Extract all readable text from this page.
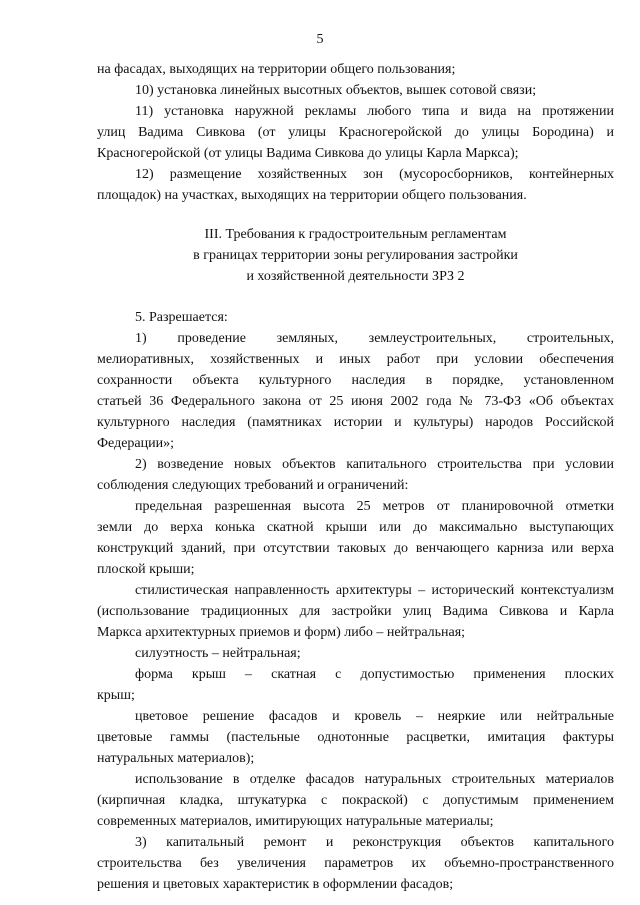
5
на фасадах, выходящих на территории общего пользования;
10) установка линейных высотных объектов, вышек сотовой связи;
11) установка наружной рекламы любого типа и вида на протяжении
улиц Вадима Сивкова (от улицы Красногеройской до улицы Бородина) и
Красногеройской (от улицы Вадима Сивкова до улицы Карла Маркса);
12) размещение хозяйственных зон (мусоросборников, контейнерных
площадок) на участках, выходящих на территории общего пользования.
III. Требования к градостроительным регламентам
в границах территории зоны регулирования застройки
и хозяйственной деятельности ЗРЗ 2
5. Разрешается:
1) проведение земляных, землеустроительных, строительных,
мелиоративных, хозяйственных и иных работ при условии обеспечения
сохранности объекта культурного наследия в порядке, установленном
статьей 36 Федерального закона от 25 июня 2002 года № 73-ФЗ «Об объектах
культурного наследия (памятниках истории и культуры) народов Российской
Федерации»;
2) возведение новых объектов капитального строительства при условии
соблюдения следующих требований и ограничений:
предельная разрешенная высота 25 метров от планировочной отметки
земли до верха конька скатной крыши или до максимально выступающих
конструкций зданий, при отсутствии таковых до венчающего карниза или верха
плоской крыши;
стилистическая направленность архитектуры – исторический контекстуализм
(использование традиционных для застройки улиц Вадима Сивкова и Карла
Маркса архитектурных приемов и форм) либо – нейтральная;
силуэтность – нейтральная;
форма крыш – скатная с допустимостью применения плоских
крыш;
цветовое решение фасадов и кровель – неяркие или нейтральные
цветовые гаммы (пастельные однотонные расцветки, имитация фактуры
натуральных материалов);
использование в отделке фасадов натуральных строительных материалов
(кирпичная кладка, штукатурка с покраской) с допустимым применением
современных материалов, имитирующих натуральные материалы;
3) капитальный ремонт и реконструкция объектов капитального
строительства без увеличения параметров их объемно-пространственного
решения и цветовых характеристик в оформлении фасадов;
